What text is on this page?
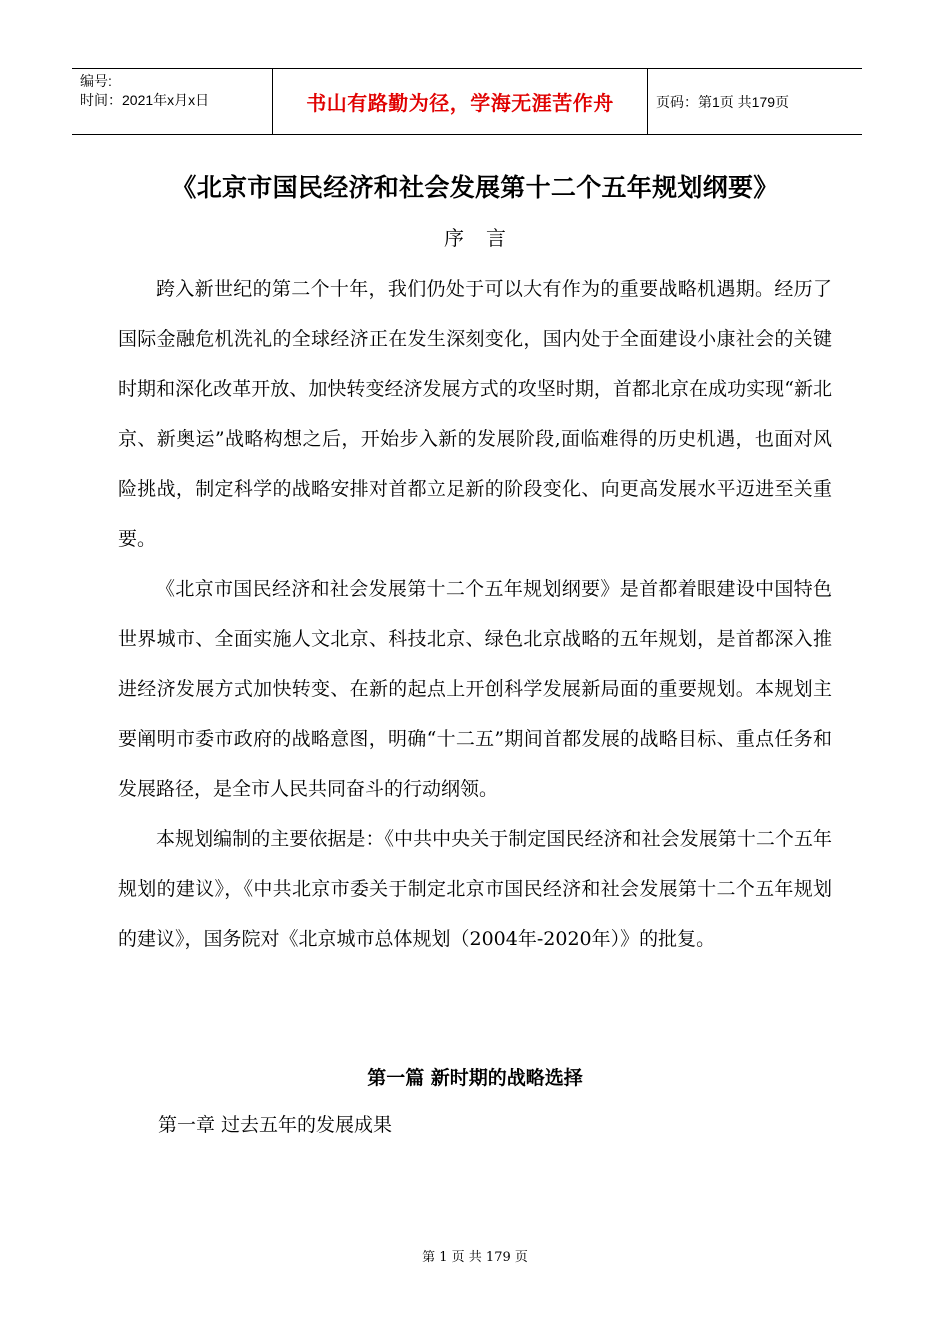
编号:
时间：2021年x月x日	书山有路勤为径，学海无涯苦作舟	页码：第1页 共179页
《北京市国民经济和社会发展第十二个五年规划纲要》
序言

跨入新世纪的第二个十年，我们仍处于可以大有作为的重要战略机遇期。经历了国际金融危机洗礼的全球经济正在发生深刻变化，国内处于全面建设小康社会的关键时期和深化改革开放、加快转变经济发展方式的攻坚时期，首都北京在成功实现“新北京、新奥运”战略构想之后，开始步入新的发展阶段,面临难得的历史机遇，也面对风险挑战，制定科学的战略安排对首都立足新的阶段变化、向更高发展水平迈进至关重要。

《北京市国民经济和社会发展第十二个五年规划纲要》是首都着眼建设中国特色世界城市、全面实施人文北京、科技北京、绿色北京战略的五年规划，是首都深入推进经济发展方式加快转变、在新的起点上开创科学发展新局面的重要规划。本规划主要阐明市委市政府的战略意图，明确“十二五”期间首都发展的战略目标、重点任务和发展路径，是全市人民共同奋斗的行动纲领。

本规划编制的主要依据是：《中共中央关于制定国民经济和社会发展第十二个五年规划的建议》，《中共北京市委关于制定北京市国民经济和社会发展第十二个五年规划的建议》，国务院对《北京城市总体规划（2004年-2020年）》的批复。

第一篇 新时期的战略选择
第一章 过去五年的发展成果
第 1 页 共 179 页
